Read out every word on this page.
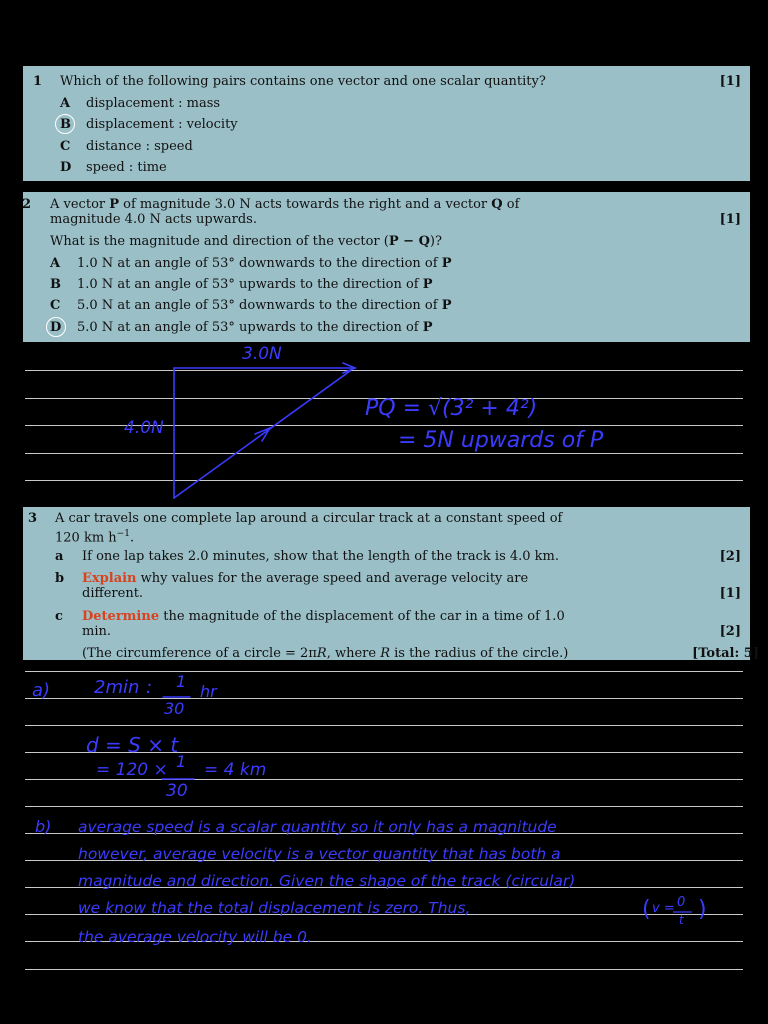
1 Which of the following pairs contains one vector and one scalar quantity?	[1]
A displacement : mass
B displacement : velocity
C distance : speed
D speed : time
2 A vector P of magnitude 3.0 N acts towards the right and a vector Q of
magnitude 4.0 N acts upwards.	[1]
What is the magnitude and direction of the vector (P − Q)?
A 1.0 N at an angle of 53° downwards to the direction of P
B 1.0 N at an angle of 53° upwards to the direction of P
C 5.0 N at an angle of 53° downwards to the direction of P
D 5.0 N at an angle of 53° upwards to the direction of P
3.0N
4.0N
PQ = √(3² + 4²)
= 5N upwards of P
3 A car travels one complete lap around a circular track at a constant speed of
120 km $h^{-1}$.
a If one lap takes 2.0 minutes, show that the length of the track is 4.0 km.	[2]
b Explain why values for the average speed and average velocity are
different.	[1]
c Determine the magnitude of the displacement of the car in a time of 1.0
min.	[2]
(The circumference of a circle = 2πR, where R is the radius of the circle.)	[Total: 5]
a) 2min : 1
30
hr
d = S × t
= 120 × 1
30
= 4 km
b) average speed is a scalar quantity so it only has a magnitude
however, average velocity is a vector quantity that has both a
magnitude and direction. Given the shape of the track (circular)
we know that the total displacement is zero. Thus,
the average velocity will be 0.
( v = 0
t )
